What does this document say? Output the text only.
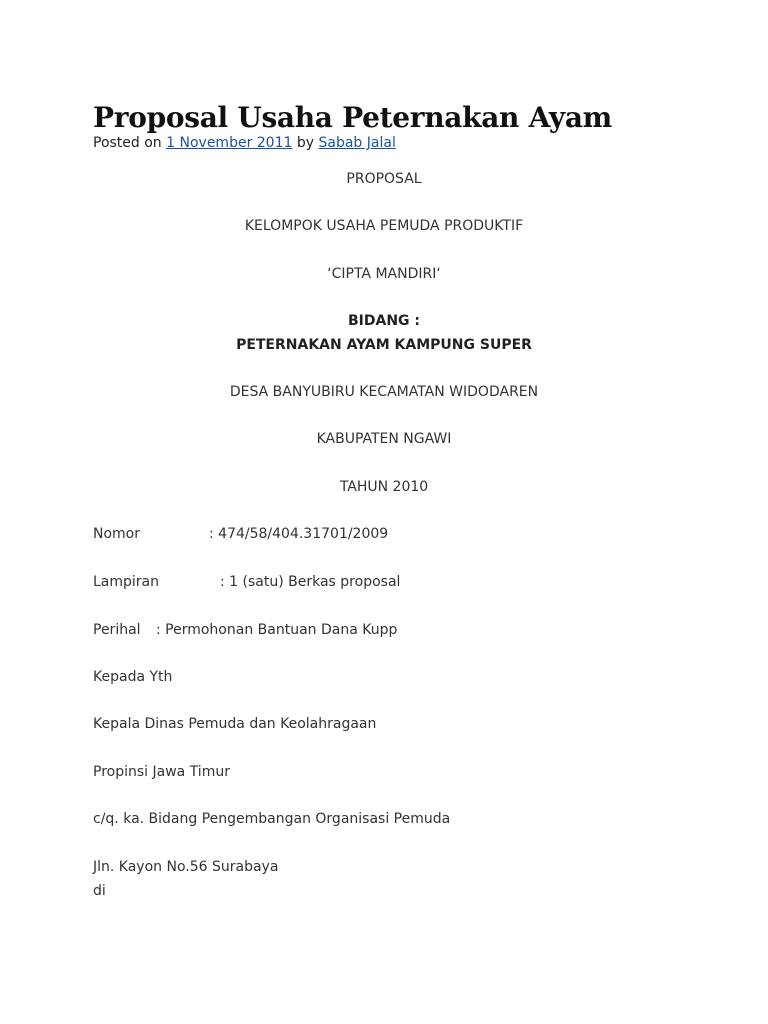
Proposal Usaha Peternakan Ayam
Posted on 1 November 2011 by Sabab Jalal
PROPOSAL
KELOMPOK USAHA PEMUDA PRODUKTIF
‘CIPTA MANDIRI‘
BIDANG :
PETERNAKAN AYAM KAMPUNG SUPER
DESA BANYUBIRU KECAMATAN WIDODAREN
KABUPATEN NGAWI
TAHUN 2010
Nomor	: 474/58/404.31701/2009
Lampiran	: 1 (satu) Berkas proposal
Perihal : Permohonan Bantuan Dana Kupp
Kepada Yth
Kepala Dinas Pemuda dan Keolahragaan
Propinsi Jawa Timur
c/q. ka. Bidang Pengembangan Organisasi Pemuda
Jln. Kayon No.56 Surabaya
di
